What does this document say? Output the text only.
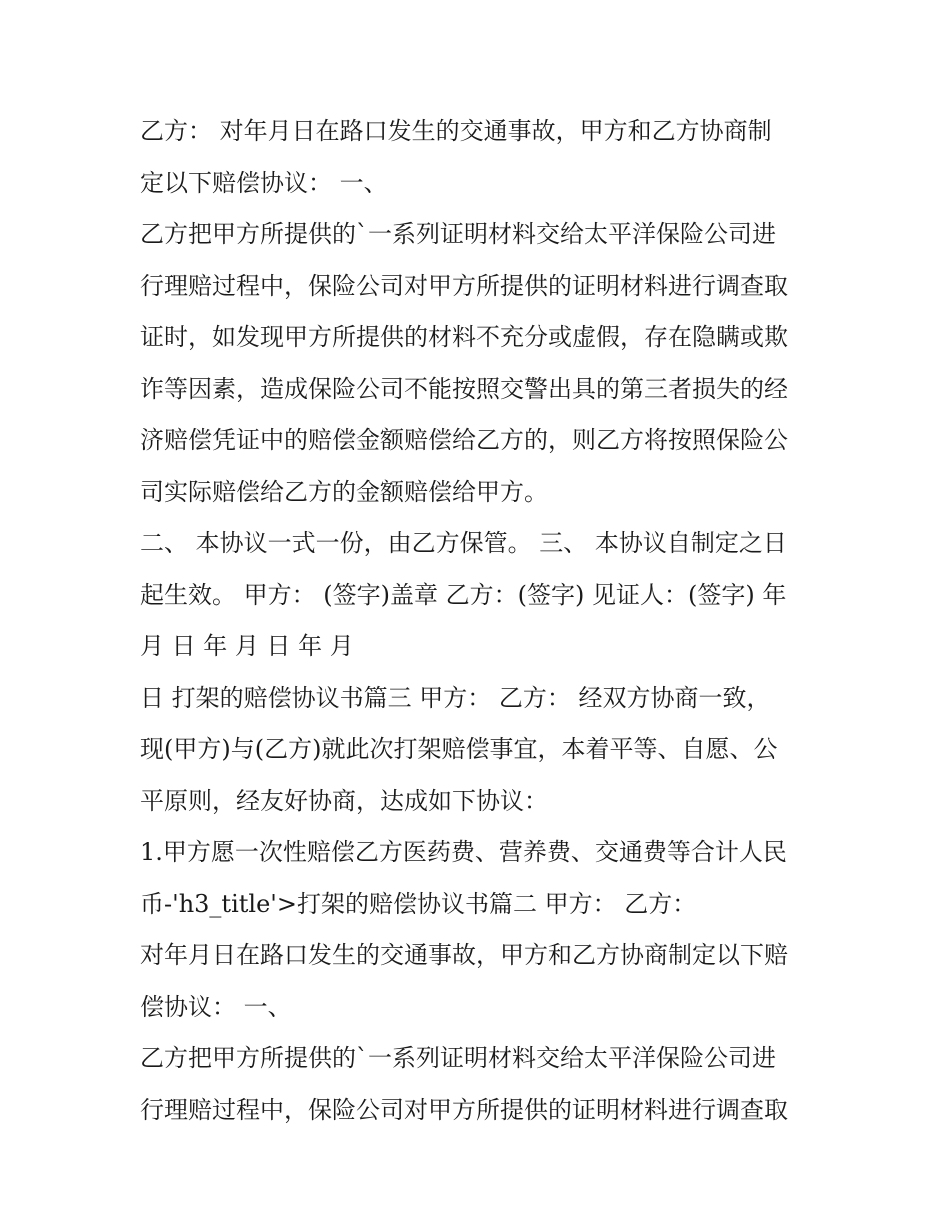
乙方： 对年月日在路口发生的交通事故，甲方和乙方协商制
定以下赔偿协议： 一、
乙方把甲方所提供的`一系列证明材料交给太平洋保险公司进
行理赔过程中，保险公司对甲方所提供的证明材料进行调查取
证时，如发现甲方所提供的材料不充分或虚假，存在隐瞒或欺
诈等因素，造成保险公司不能按照交警出具的第三者损失的经
济赔偿凭证中的赔偿金额赔偿给乙方的，则乙方将按照保险公
司实际赔偿给乙方的金额赔偿给甲方。
二、 本协议一式一份，由乙方保管。 三、 本协议自制定之日
起生效。 甲方： (签字)盖章 乙方：(签字) 见证人：(签字) 年
月 日 年 月 日 年 月
日 打架的赔偿协议书篇三 甲方： 乙方： 经双方协商一致，
现(甲方)与(乙方)就此次打架赔偿事宜，本着平等、自愿、公
平原则，经友好协商，达成如下协议：
1.甲方愿一次性赔偿乙方医药费、营养费、交通费等合计人民
币-'h3_title'>打架的赔偿协议书篇二 甲方： 乙方：
对年月日在路口发生的交通事故，甲方和乙方协商制定以下赔
偿协议： 一、
乙方把甲方所提供的`一系列证明材料交给太平洋保险公司进
行理赔过程中，保险公司对甲方所提供的证明材料进行调查取
